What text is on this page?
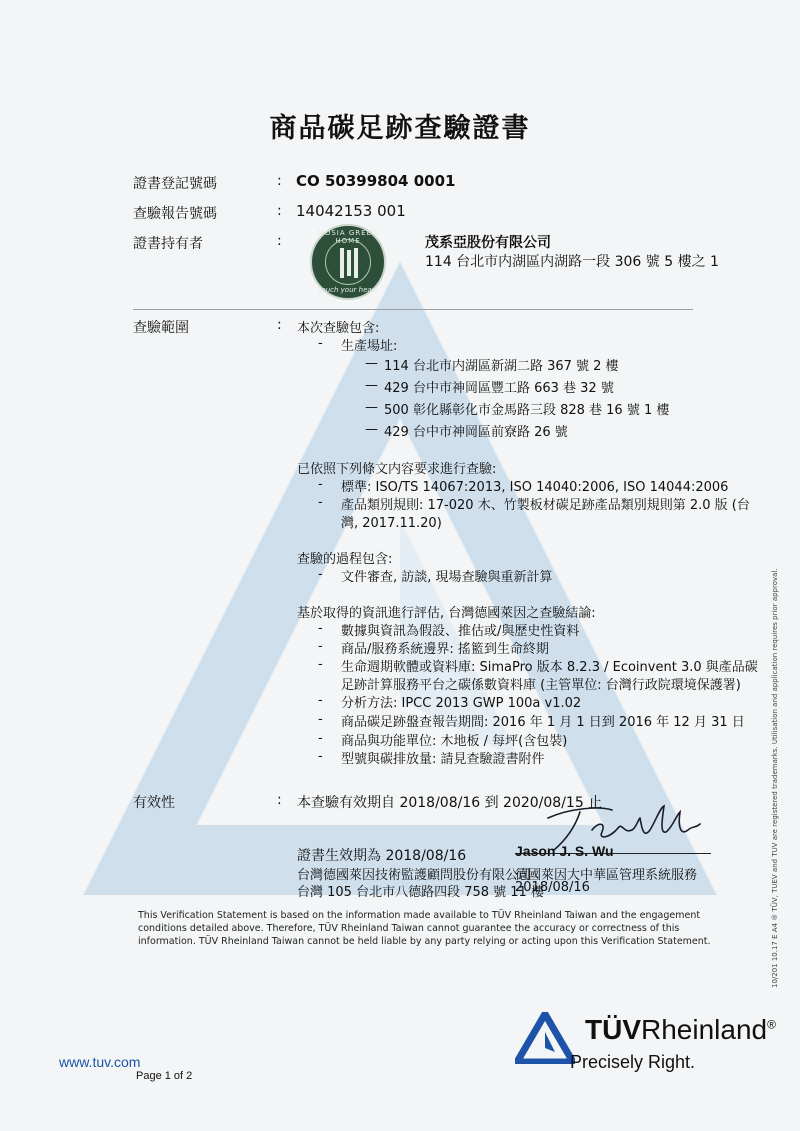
商品碳足跡查驗證書
證書登記號碼	: CO 50399804 0001
查驗報告號碼	: 14042153 001
證書持有者	:	MOSIA GREEN HOME
touch your heart
茂系亞股份有限公司
114 台北市内湖區内湖路一段 306 號 5 樓之 1
查驗範圍	: 本次查驗包含:
- 生產場址:
— 114 台北市内湖區新湖二路 367 號 2 樓
— 429 台中市神岡區豐工路 663 巷 32 號
— 500 彰化縣彰化市金馬路三段 828 巷 16 號 1 樓
— 429 台中市神岡區前寮路 26 號
已依照下列條文内容要求進行查驗:
- 標準: ISO/TS 14067:2013, ISO 14040:2006, ISO 14044:2006
- 產品類別規則: 17-020 木、竹製板材碳足跡產品類別規則第 2.0 版 (台
灣, 2017.11.20)
查驗的過程包含:
- 文件審查, 訪談, 現場查驗與重新計算
基於取得的資訊進行評估, 台灣德國萊因之查驗結論:
- 數據與資訊為假設、推估或/與歷史性資料
- 商品/服務系統邊界: 搖籃到生命終期
- 生命週期軟體或資料庫: SimaPro 版本 8.2.3 / Ecoinvent 3.0 與產品碳
足跡計算服務平台之碳係數資料庫 (主管單位: 台灣行政院環境保護署)
- 分析方法: IPCC 2013 GWP 100a v1.02
- 商品碳足跡盤查報告期間: 2016 年 1 月 1 日到 2016 年 12 月 31 日
- 商品與功能單位: 木地板 / 每坪(含包裝)
- 型號與碳排放量: 請見查驗證書附件
有效性	: 本查驗有效期自 2018/08/16 到 2020/08/15 止
證書生效期為 2018/08/16
台灣德國萊因技術監護顧問股份有限公司
台灣 105 台北市八德路四段 758 號 11 樓
Jason J. S. Wu
德國萊因大中華區管理系統服務
2018/08/16
This Verification Statement is based on the information made available to TÜV Rheinland Taiwan and the engagement conditions detailed above. Therefore, TÜV Rheinland Taiwan cannot guarantee the accuracy or correctness of this information. TÜV Rheinland Taiwan cannot be held liable by any party relying or acting upon this Verification Statement.	10/201 10.17 E A4 ® TÜV, TUEV and TUV are registered trademarks. Utilisation and application requires prior approval.
TÜVRheinland®
Precisely Right.
www.tuv.com
Page 1 of 2
